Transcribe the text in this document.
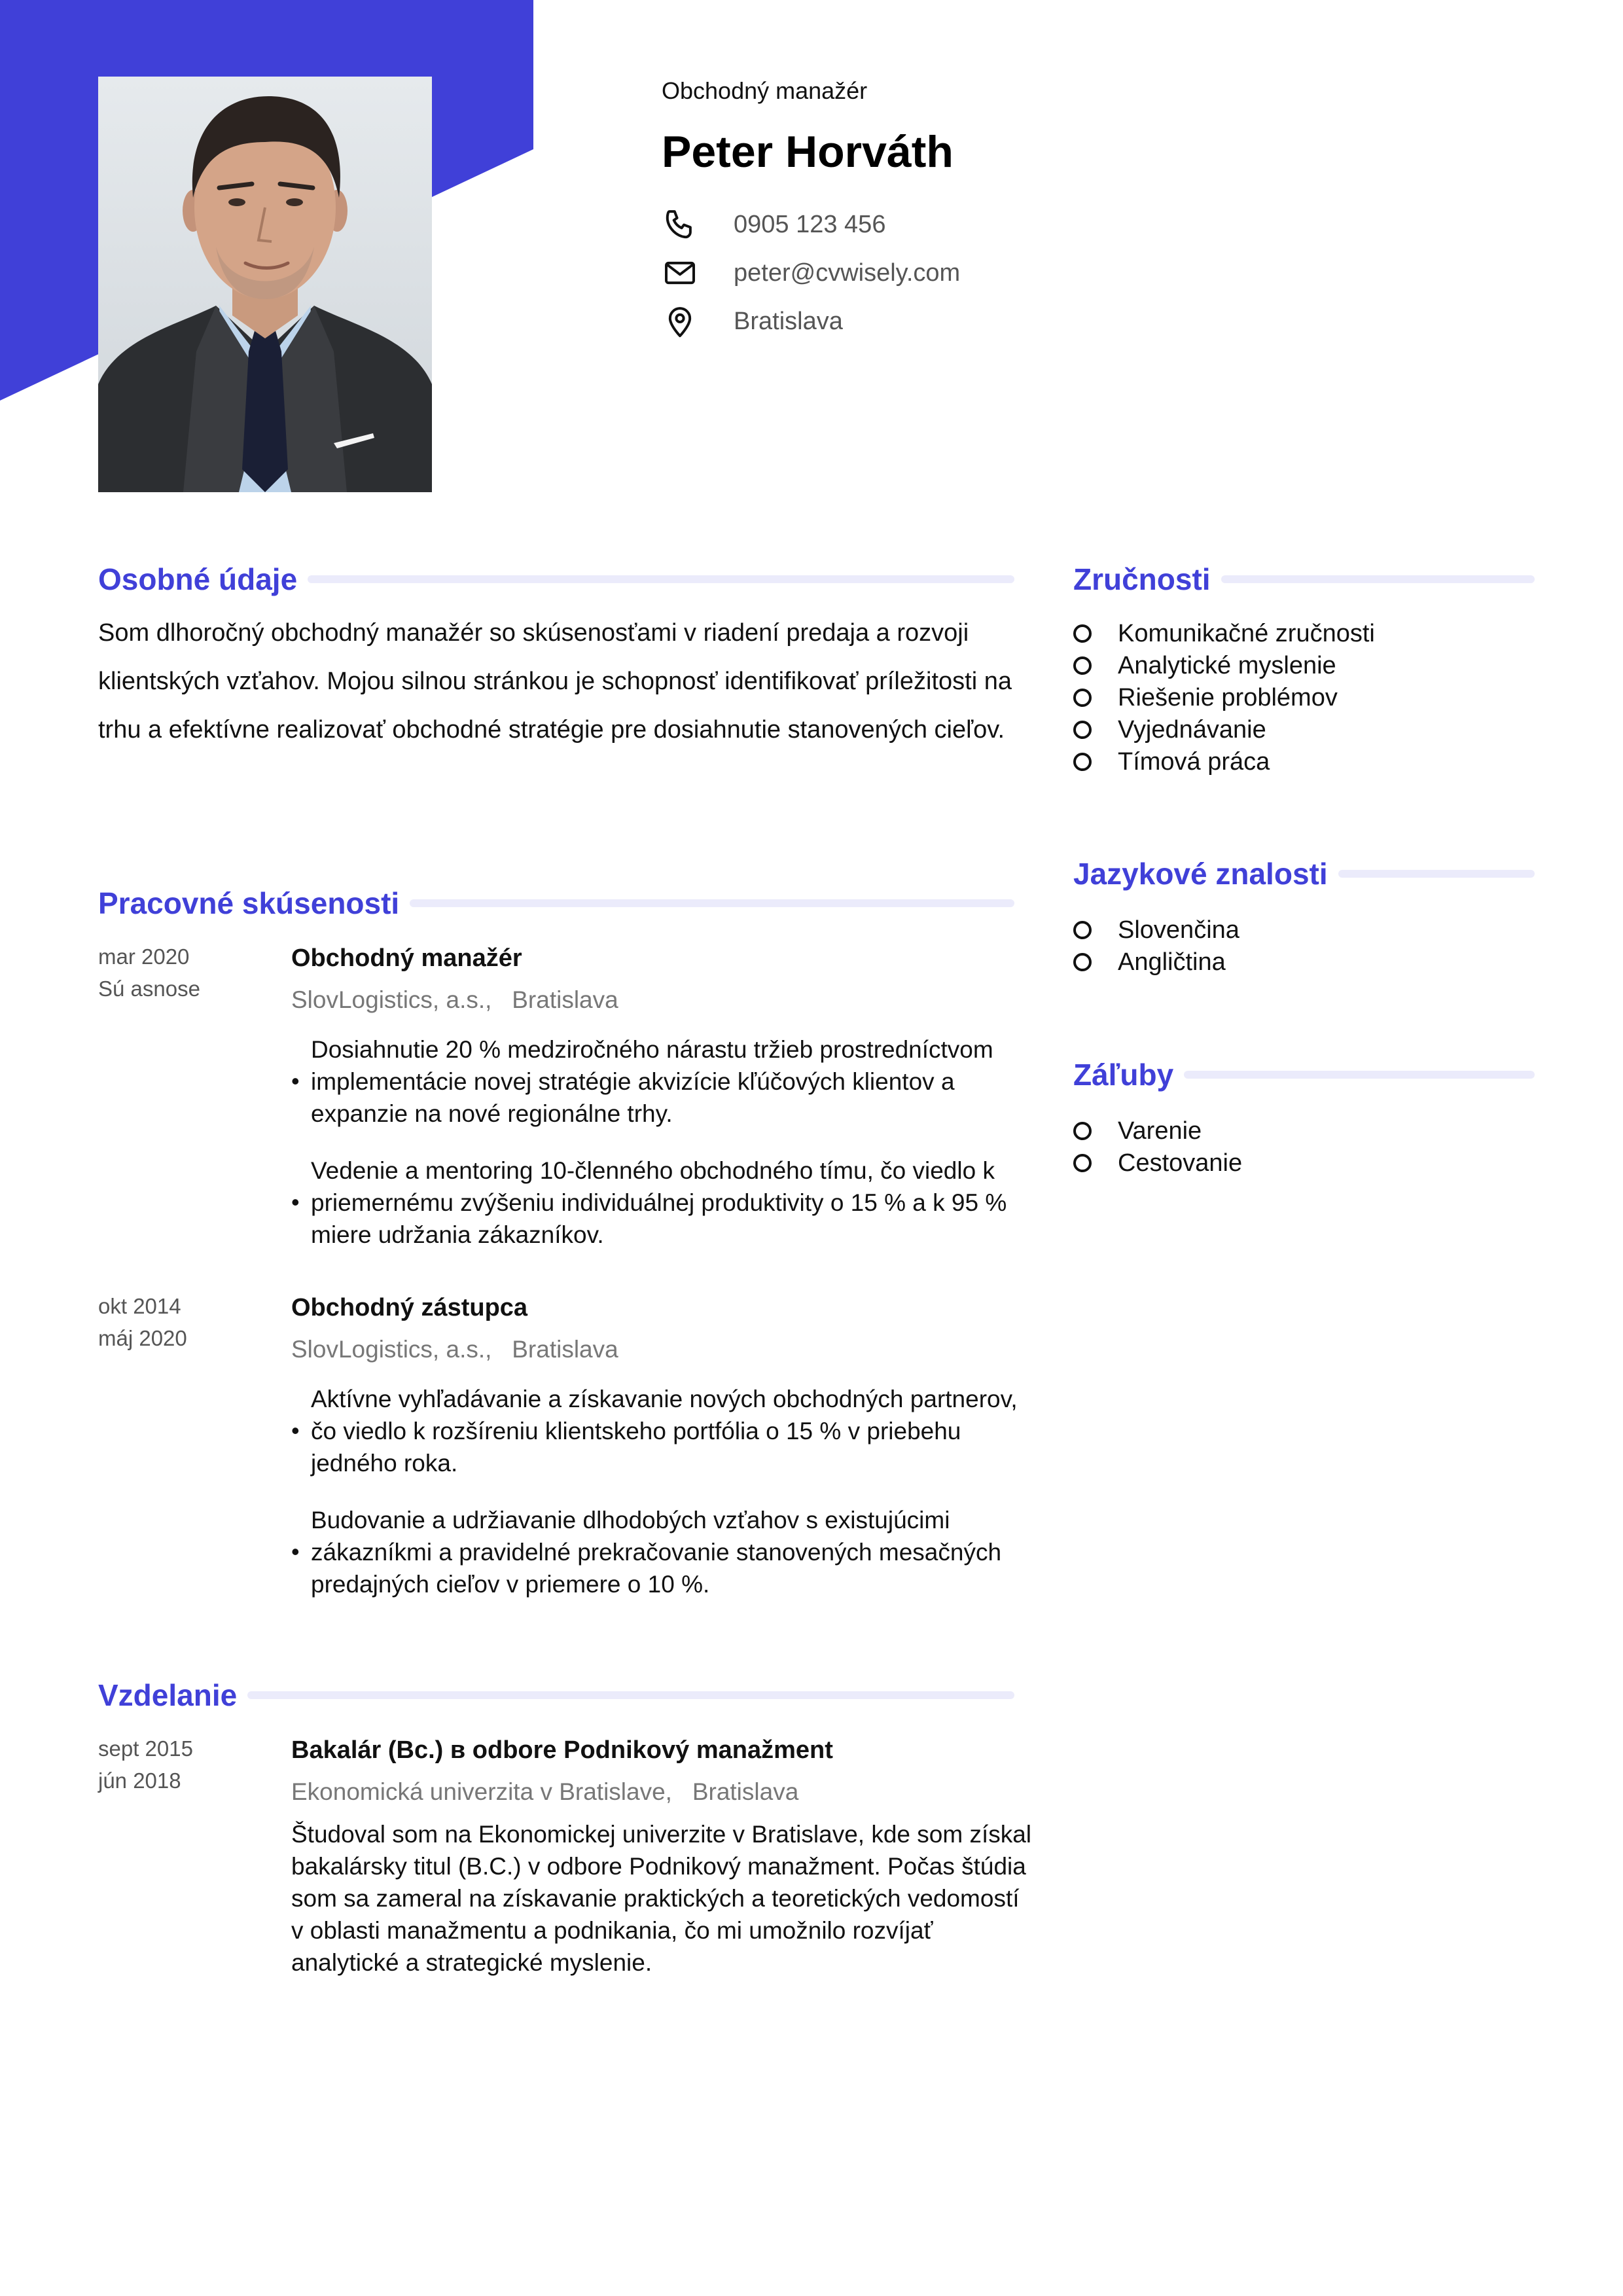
Obchodný manažér
Peter Horváth
0905 123 456
peter@cvwisely.com
Bratislava
Osobné údaje
Som dlhoročný obchodný manažér so skúsenosťami v riadení predaja a rozvoji klientských vzťahov. Mojou silnou stránkou je schopnosť identifikovať príležitosti na trhu a efektívne realizovať obchodné stratégie pre dosiahnutie stanovených cieľov.
Pracovné skúsenosti
mar 2020
Sú asnose
Obchodný manažér
SlovLogistics, a.s., Bratislava
•
Dosiahnutie 20 % medziročného nárastu tržieb prostredníctvom implementácie novej stratégie akvizície kľúčových klientov a expanzie na nové regionálne trhy.
•
Vedenie a mentoring 10-členného obchodného tímu, čo viedlo k priemernému zvýšeniu individuálnej produktivity o 15 % a k 95 % miere udržania zákazníkov.
okt 2014
máj 2020
Obchodný zástupca
SlovLogistics, a.s., Bratislava
•
Aktívne vyhľadávanie a získavanie nových obchodných partnerov, čo viedlo k rozšíreniu klientskeho portfólia o 15 % v priebehu jedného roka.
•
Budovanie a udržiavanie dlhodobých vzťahov s existujúcimi zákazníkmi a pravidelné prekračovanie stanovených mesačných predajných cieľov v priemere o 10 %.
Vzdelanie
sept 2015
jún 2018
Bakalár (Bc.) в odbore Podnikový manažment
Ekonomická univerzita v Bratislave, Bratislava
Študoval som na Ekonomickej univerzite v Bratislave, kde som získal bakalársky titul (B.C.) v odbore Podnikový manažment. Počas štúdia som sa zameral na získavanie praktických a teoretických vedomostí v oblasti manažmentu a podnikania, čo mi umožnilo rozvíjať analytické a strategické myslenie.
Zručnosti
Komunikačné zručnosti
Analytické myslenie
Riešenie problémov
Vyjednávanie
Tímová práca
Jazykové znalosti
Slovenčina
Angličtina
Záľuby
Varenie
Cestovanie
